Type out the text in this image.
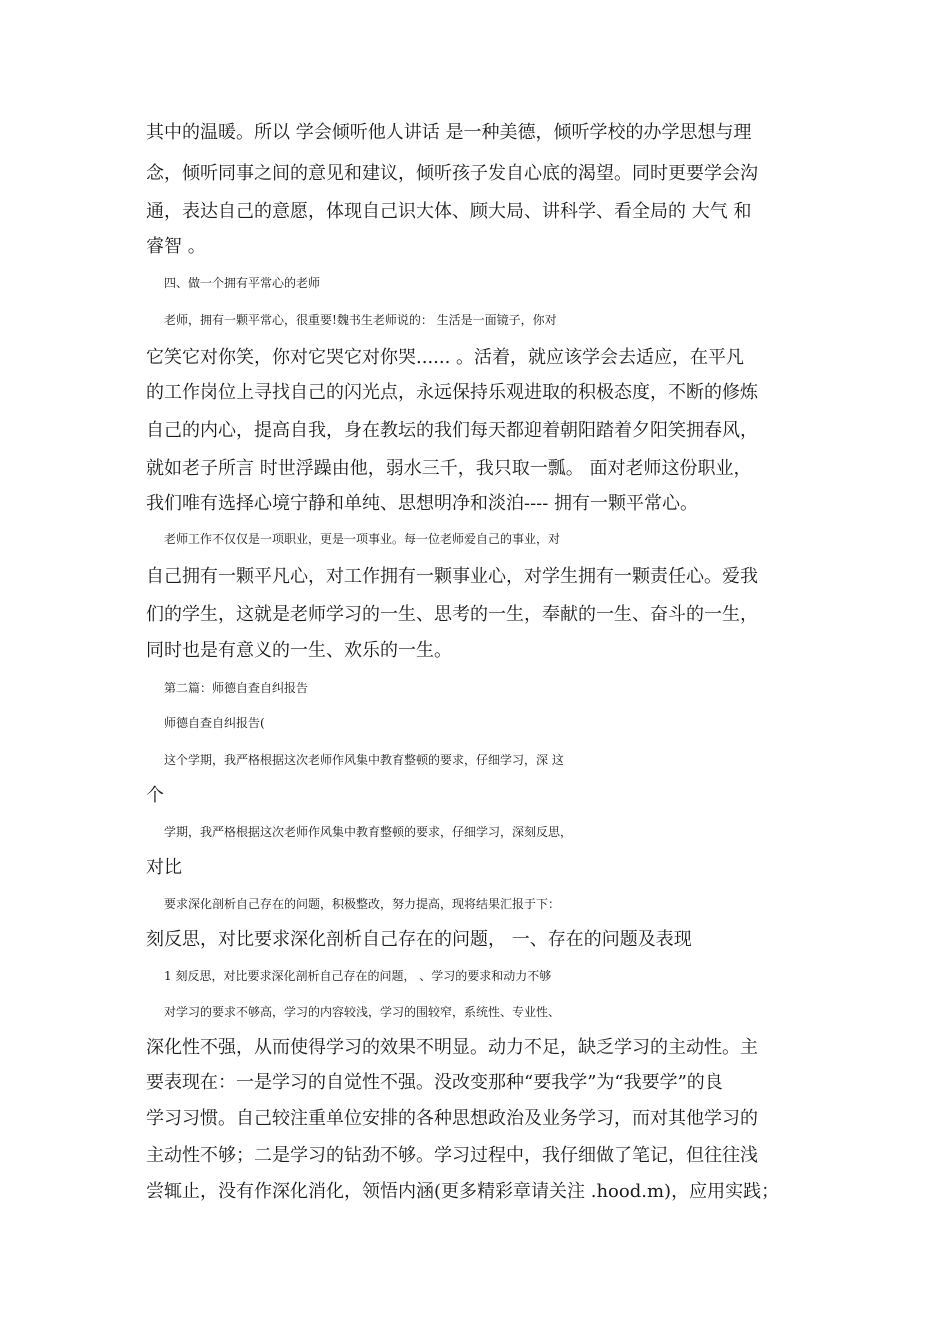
其中的温暖。所以 学会倾听他人讲话 是一种美德，倾听学校的办学思想与理
念，倾听同事之间的意见和建议，倾听孩子发自心底的渴望。同时更要学会沟
通，表达自己的意愿，体现自己识大体、顾大局、讲科学、看全局的 大气 和
睿智 。
四、做一个拥有平常心的老师
老师，拥有一颗平常心，很重要!魏书生老师说的： 生活是一面镜子，你对
它笑它对你笑，你对它哭它对你哭...... 。活着，就应该学会去适应，在平凡
的工作岗位上寻找自己的闪光点，永远保持乐观进取的积极态度，不断的修炼
自己的内心，提高自我，身在教坛的我们每天都迎着朝阳踏着夕阳笑拥春风，
就如老子所言 时世浮躁由他，弱水三千，我只取一瓢。 面对老师这份职业，
我们唯有选择心境宁静和单纯、思想明净和淡泊---- 拥有一颗平常心。
老师工作不仅仅是一项职业，更是一项事业。每一位老师爱自己的事业，对
自己拥有一颗平凡心，对工作拥有一颗事业心，对学生拥有一颗责任心。爱我
们的学生，这就是老师学习的一生、思考的一生，奉献的一生、奋斗的一生，
同时也是有意义的一生、欢乐的一生。
第二篇：师德自查自纠报告
师德自查自纠报告(
这个学期，我严格根据这次老师作风集中教育整顿的要求，仔细学习，深 这
个
学期，我严格根据这次老师作风集中教育整顿的要求，仔细学习，深刻反思，
对比
要求深化剖析自己存在的问题，积极整改，努力提高，现将结果汇报于下：
刻反思，对比要求深化剖析自己存在的问题， 一、存在的问题及表现
1 刻反思，对比要求深化剖析自己存在的问题， 、学习的要求和动力不够
对学习的要求不够高，学习的内容较浅，学习的围较窄，系统性、专业性、
深化性不强，从而使得学习的效果不明显。动力不足，缺乏学习的主动性。主
要表现在：一是学习的自觉性不强。没改变那种“要我学”为“我要学”的良
学习习惯。自己较注重单位安排的各种思想政治及业务学习，而对其他学习的
主动性不够；二是学习的钻劲不够。学习过程中，我仔细做了笔记，但往往浅
尝辄止，没有作深化消化，领悟内涵(更多精彩章请关注 .hood.m)，应用实践；
